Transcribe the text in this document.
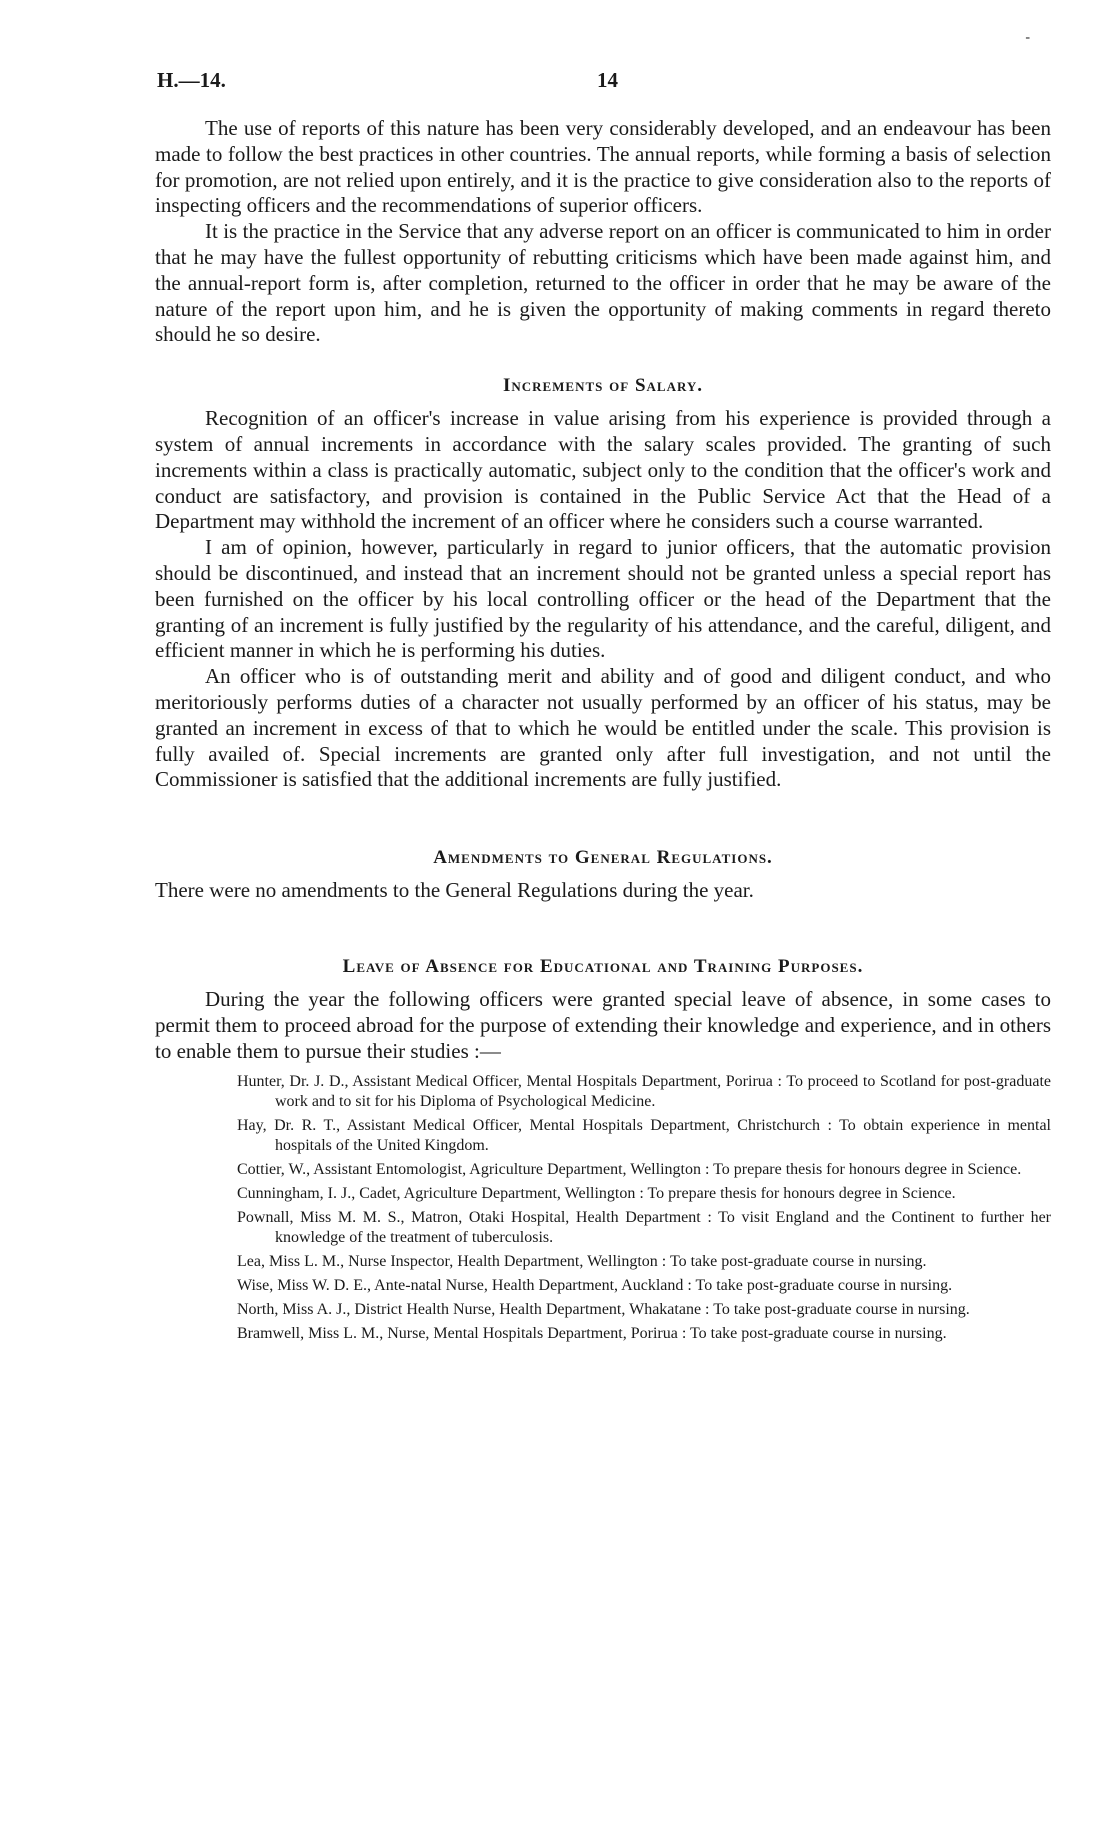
-
H.—14.	14

The use of reports of this nature has been very considerably developed, and an endeavour has been made to follow the best practices in other countries. The annual reports, while forming a basis of selection for promotion, are not relied upon entirely, and it is the practice to give consideration also to the reports of inspecting officers and the recommendations of superior officers.

It is the practice in the Service that any adverse report on an officer is communicated to him in order that he may have the fullest opportunity of rebutting criticisms which have been made against him, and the annual-report form is, after completion, returned to the officer in order that he may be aware of the nature of the report upon him, and he is given the opportunity of making comments in regard thereto should he so desire.

Increments of Salary.

Recognition of an officer's increase in value arising from his experience is provided through a system of annual increments in accordance with the salary scales provided. The granting of such increments within a class is practically automatic, subject only to the condition that the officer's work and conduct are satisfactory, and provision is contained in the Public Service Act that the Head of a Department may withhold the increment of an officer where he considers such a course warranted.

I am of opinion, however, particularly in regard to junior officers, that the automatic provision should be discontinued, and instead that an increment should not be granted unless a special report has been furnished on the officer by his local controlling officer or the head of the Department that the granting of an increment is fully justified by the regularity of his attendance, and the careful, diligent, and efficient manner in which he is performing his duties.

An officer who is of outstanding merit and ability and of good and diligent conduct, and who meritoriously performs duties of a character not usually performed by an officer of his status, may be granted an increment in excess of that to which he would be entitled under the scale. This provision is fully availed of. Special increments are granted only after full investigation, and not until the Commissioner is satisfied that the additional increments are fully justified.

Amendments to General Regulations.

There were no amendments to the General Regulations during the year.

Leave of Absence for Educational and Training Purposes.

During the year the following officers were granted special leave of absence, in some cases to permit them to proceed abroad for the purpose of extending their knowledge and experience, and in others to enable them to pursue their studies :—

Hunter, Dr. J. D., Assistant Medical Officer, Mental Hospitals Department, Porirua : To proceed to Scotland for post-graduate work and to sit for his Diploma of Psychological Medicine.
Hay, Dr. R. T., Assistant Medical Officer, Mental Hospitals Department, Christchurch : To obtain experience in mental hospitals of the United Kingdom.
Cottier, W., Assistant Entomologist, Agriculture Department, Wellington : To prepare thesis for honours degree in Science.
Cunningham, I. J., Cadet, Agriculture Department, Wellington : To prepare thesis for honours degree in Science.
Pownall, Miss M. M. S., Matron, Otaki Hospital, Health Department : To visit England and the Continent to further her knowledge of the treatment of tuberculosis.
Lea, Miss L. M., Nurse Inspector, Health Department, Wellington : To take post-graduate course in nursing.
Wise, Miss W. D. E., Ante-natal Nurse, Health Department, Auckland : To take post-graduate course in nursing.
North, Miss A. J., District Health Nurse, Health Department, Whakatane : To take post-graduate course in nursing.
Bramwell, Miss L. M., Nurse, Mental Hospitals Department, Porirua : To take post-graduate course in nursing.
